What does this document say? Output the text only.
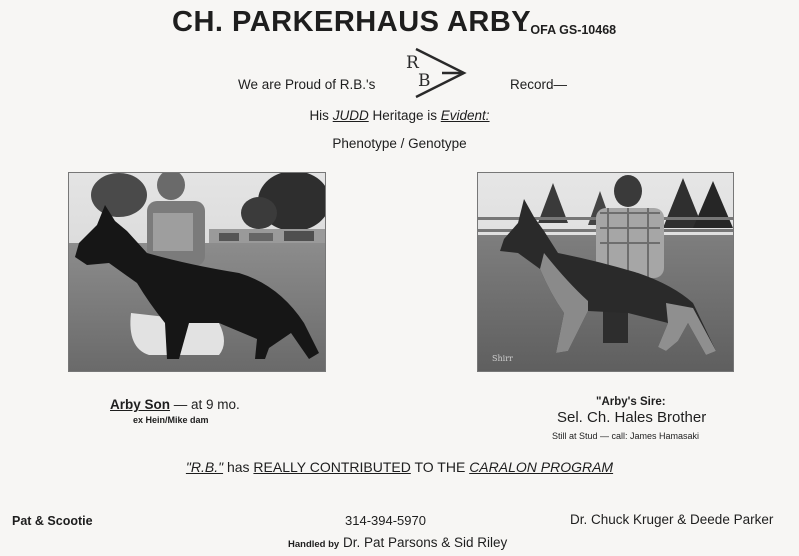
CH. PARKERHAUS ARBY
– OFA GS-10468
We are Proud of R.B.'s
R
B	Record—
His JUDD Heritage is Evident:
Phenotype / Genotype
Shirr
Arby Son — at 9 mo.
ex Hein/Mike dam
"Arby's Sire:
Sel. Ch. Hales Brother
Still at Stud — call: James Hamasaki
"R.B." has REALLY CONTRIBUTED TO THE CARALON PROGRAM
Pat & Scootie	314-394-5970	Dr. Chuck Kruger & Deede Parker
Handled by Dr. Pat Parsons & Sid Riley
